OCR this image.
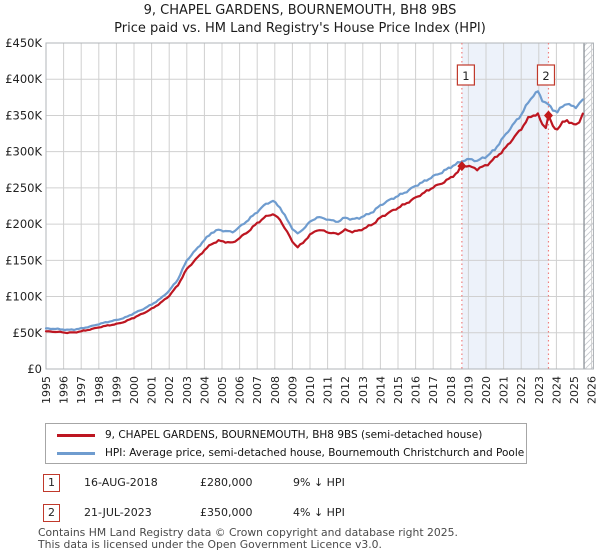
9, CHAPEL GARDENS, BOURNEMOUTH, BH8 9BS
Price paid vs. HM Land Registry's House Price Index (HPI)
1	2
£0
£50K
£100K
£150K
£200K
£250K
£300K
£350K
£400K
£450K
1995 1996 1997 1998 1999 2000 2001 2002 2003 2004 2005 2006 2007 2008 2009 2010 2011 2012 2013 2014 2015 2016 2017 2018 2019 2020 2021 2022 2023 2024 2025 2026
9, CHAPEL GARDENS, BOURNEMOUTH, BH8 9BS (semi-detached house)
HPI: Average price, semi-detached house, Bournemouth Christchurch and Poole
1	16-AUG-2018	£280,000	9% ↓ HPI
2	21-JUL-2023	£350,000	4% ↓ HPI
Contains HM Land Registry data © Crown copyright and database right 2025.
This data is licensed under the Open Government Licence v3.0.
